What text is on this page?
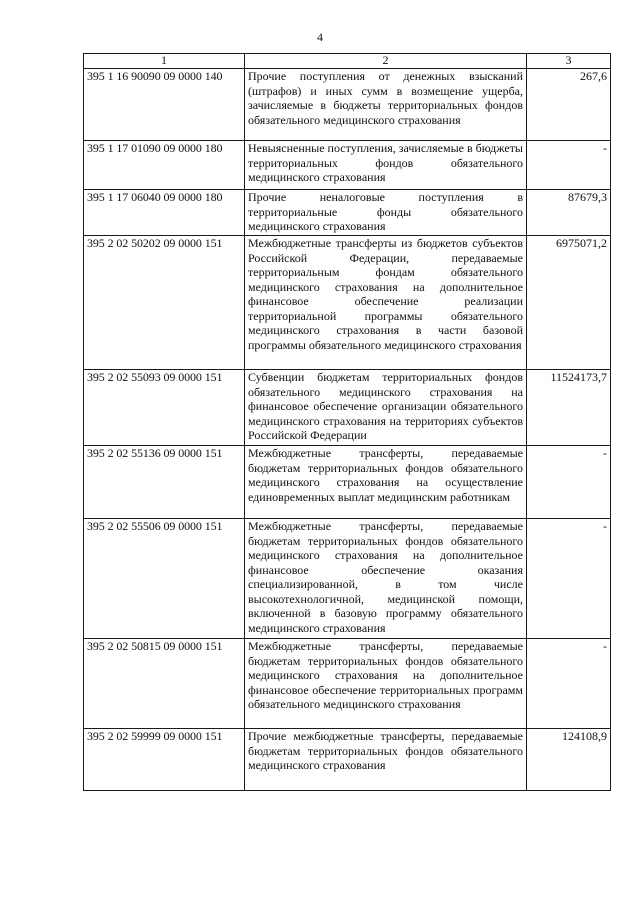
4
1	2	3
395 1 16 90090 09 0000 140	Прочие поступления от денежных взысканий (штрафов) и иных сумм в возмещение ущерба, зачисляемые в бюджеты территориальных фондов обязательного медицинского страхования	267,6
395 1 17 01090 09 0000 180	Невыясненные поступления, зачисляемые в бюджеты территориальных фондов обязательного медицинского страхования	-
395 1 17 06040 09 0000 180	Прочие неналоговые поступления в территориальные фонды обязательного медицинского страхования	87679,3
395 2 02 50202 09 0000 151	Межбюджетные трансферты из бюджетов субъектов Российской Федерации, передаваемые территориальным фондам обязательного медицинского страхования на дополнительное финансовое обеспечение реализации территориальной программы обязательного медицинского страхования в части базовой программы обязательного медицинского страхования	6975071,2
395 2 02 55093 09 0000 151	Субвенции бюджетам территориальных фондов обязательного медицинского страхования на финансовое обеспечение организации обязательного медицинского страхования на территориях субъектов Российской Федерации	11524173,7
395 2 02 55136 09 0000 151	Межбюджетные трансферты, передаваемые бюджетам территориальных фондов обязательного медицинского страхования на осуществление единовременных выплат медицинским работникам	-
395 2 02 55506 09 0000 151	Межбюджетные трансферты, передаваемые бюджетам территориальных фондов обязательного медицинского страхования на дополнительное финансовое обеспечение оказания специализированной, в том числе высокотехнологичной, медицинской помощи, включенной в базовую программу обязательного медицинского страхования	-
395 2 02 50815 09 0000 151	Межбюджетные трансферты, передаваемые бюджетам территориальных фондов обязательного медицинского страхования на дополнительное финансовое обеспечение территориальных программ обязательного медицинского страхования	-
395 2 02 59999 09 0000 151	Прочие межбюджетные трансферты, передаваемые бюджетам территориальных фондов обязательного медицинского страхования	124108,9
